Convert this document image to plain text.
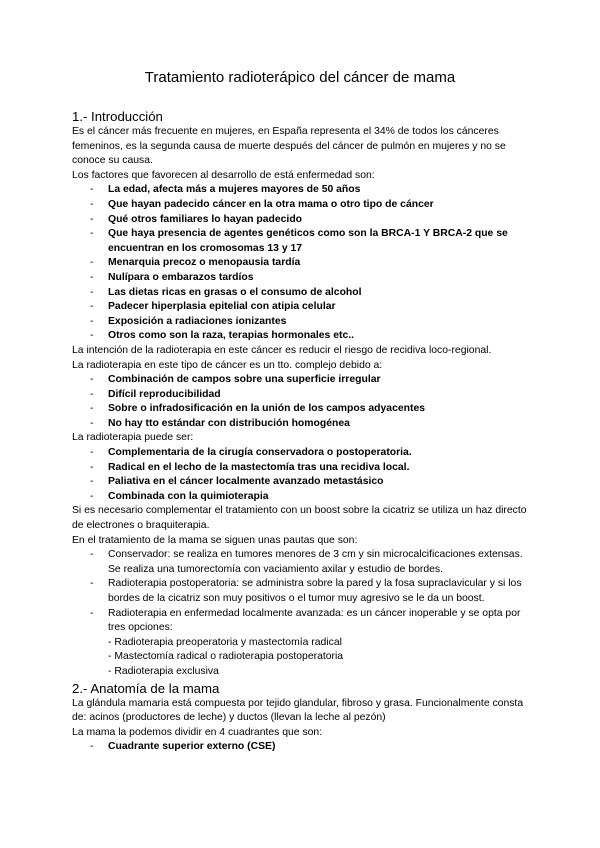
Tratamiento radioterápico del cáncer de mama
1.- Introducción

Es el cáncer más frecuente en mujeres, en España representa el 34% de todos los cánceres femeninos, es la segunda causa de muerte después del cáncer de pulmón en mujeres y no se conoce su causa.

Los factores que favorecen al desarrollo de está enfermedad son:

- La edad, afecta más a mujeres mayores de 50 años
- Que hayan padecido cáncer en la otra mama o otro tipo de cáncer
- Qué otros familiares lo hayan padecido
- Que haya presencia de agentes genéticos como son la BRCA-1 Y BRCA-2 que se encuentran en los cromosomas 13 y 17
- Menarquia precoz o menopausia tardía
- Nulípara o embarazos tardíos
- Las dietas ricas en grasas o el consumo de alcohol
- Padecer hiperplasia epitelial con atipia celular
- Exposición a radiaciones ionizantes
- Otros como son la raza, terapias hormonales etc..

La intención de la radioterapia en este cáncer es reducir el riesgo de recidiva loco-regional.

La radioterapia en este tipo de cáncer es un tto. complejo debido a:

- Combinación de campos sobre una superficie irregular
- Difícil reproducibilidad
- Sobre o infradosificación en la unión de los campos adyacentes
- No hay tto estándar con distribución homogénea

La radioterapia puede ser:

- Complementaria de la cirugía conservadora o postoperatoria.
- Radical en el lecho de la mastectomía tras una recidiva local.
- Paliativa en el cáncer localmente avanzado metastásico
- Combinada con la quimioterapia

Si es necesario complementar el tratamiento con un boost sobre la cicatriz se utiliza un haz directo de electrones o braquiterapia.

En el tratamiento de la mama se siguen unas pautas que son:

- Conservador: se realiza en tumores menores de 3 cm y sin microcalcificaciones extensas. Se realiza una tumorectomía con vaciamiento axilar y estudio de bordes.
- Radioterapia postoperatoria: se administra sobre la pared y la fosa supraclavicular y si los bordes de la cicatriz son muy positivos o el tumor muy agresivo se le da un boost.
- Radioterapia en enfermedad localmente avanzada: es un cáncer inoperable y se opta por tres opciones:
- Radioterapia preoperatoria y mastectomía radical
- Mastectomía radical o radioterapia postoperatoria
- Radioterapia exclusiva
2.- Anatomía de la mama

La glándula mamaria está compuesta por tejido glandular, fibroso y grasa. Funcionalmente consta de: acinos (productores de leche) y ductos (llevan la leche al pezón)

La mama la podemos dividir en 4 cuadrantes que son:

- Cuadrante superior externo (CSE)
